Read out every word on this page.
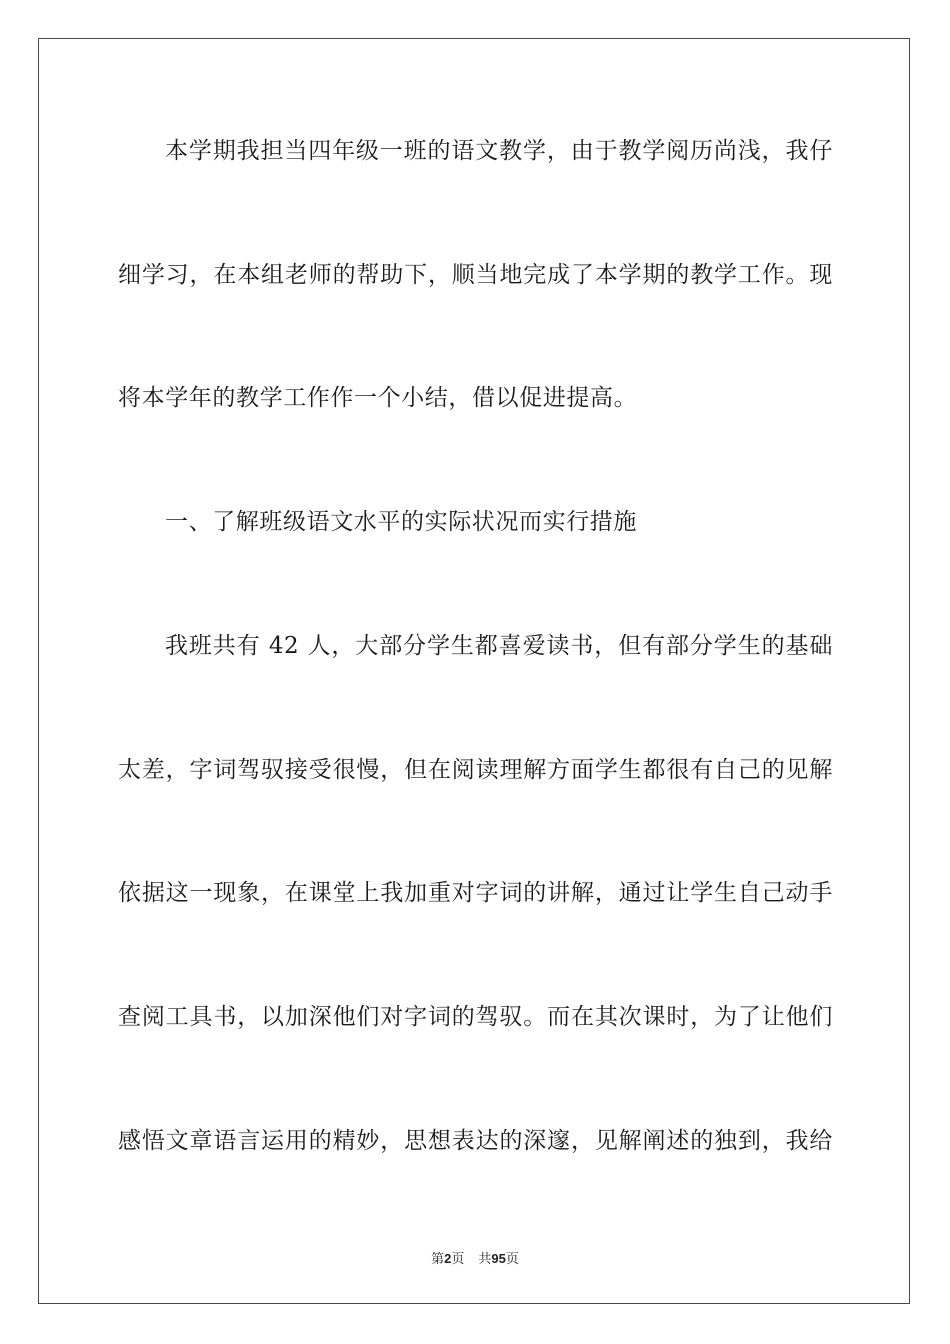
本学期我担当四年级一班的语文教学，由于教学阅历尚浅，我仔
细学习，在本组老师的帮助下，顺当地完成了本学期的教学工作。现
将本学年的教学工作作一个小结，借以促进提高。
一、了解班级语文水平的实际状况而实行措施
我班共有 42 人，大部分学生都喜爱读书，但有部分学生的基础
太差，字词驾驭接受很慢，但在阅读理解方面学生都很有自己的见解
依据这一现象，在课堂上我加重对字词的讲解，通过让学生自己动手
查阅工具书，以加深他们对字词的驾驭。而在其次课时，为了让他们
感悟文章语言运用的精妙，思想表达的深邃，见解阐述的独到，我给
第2页 共95页
